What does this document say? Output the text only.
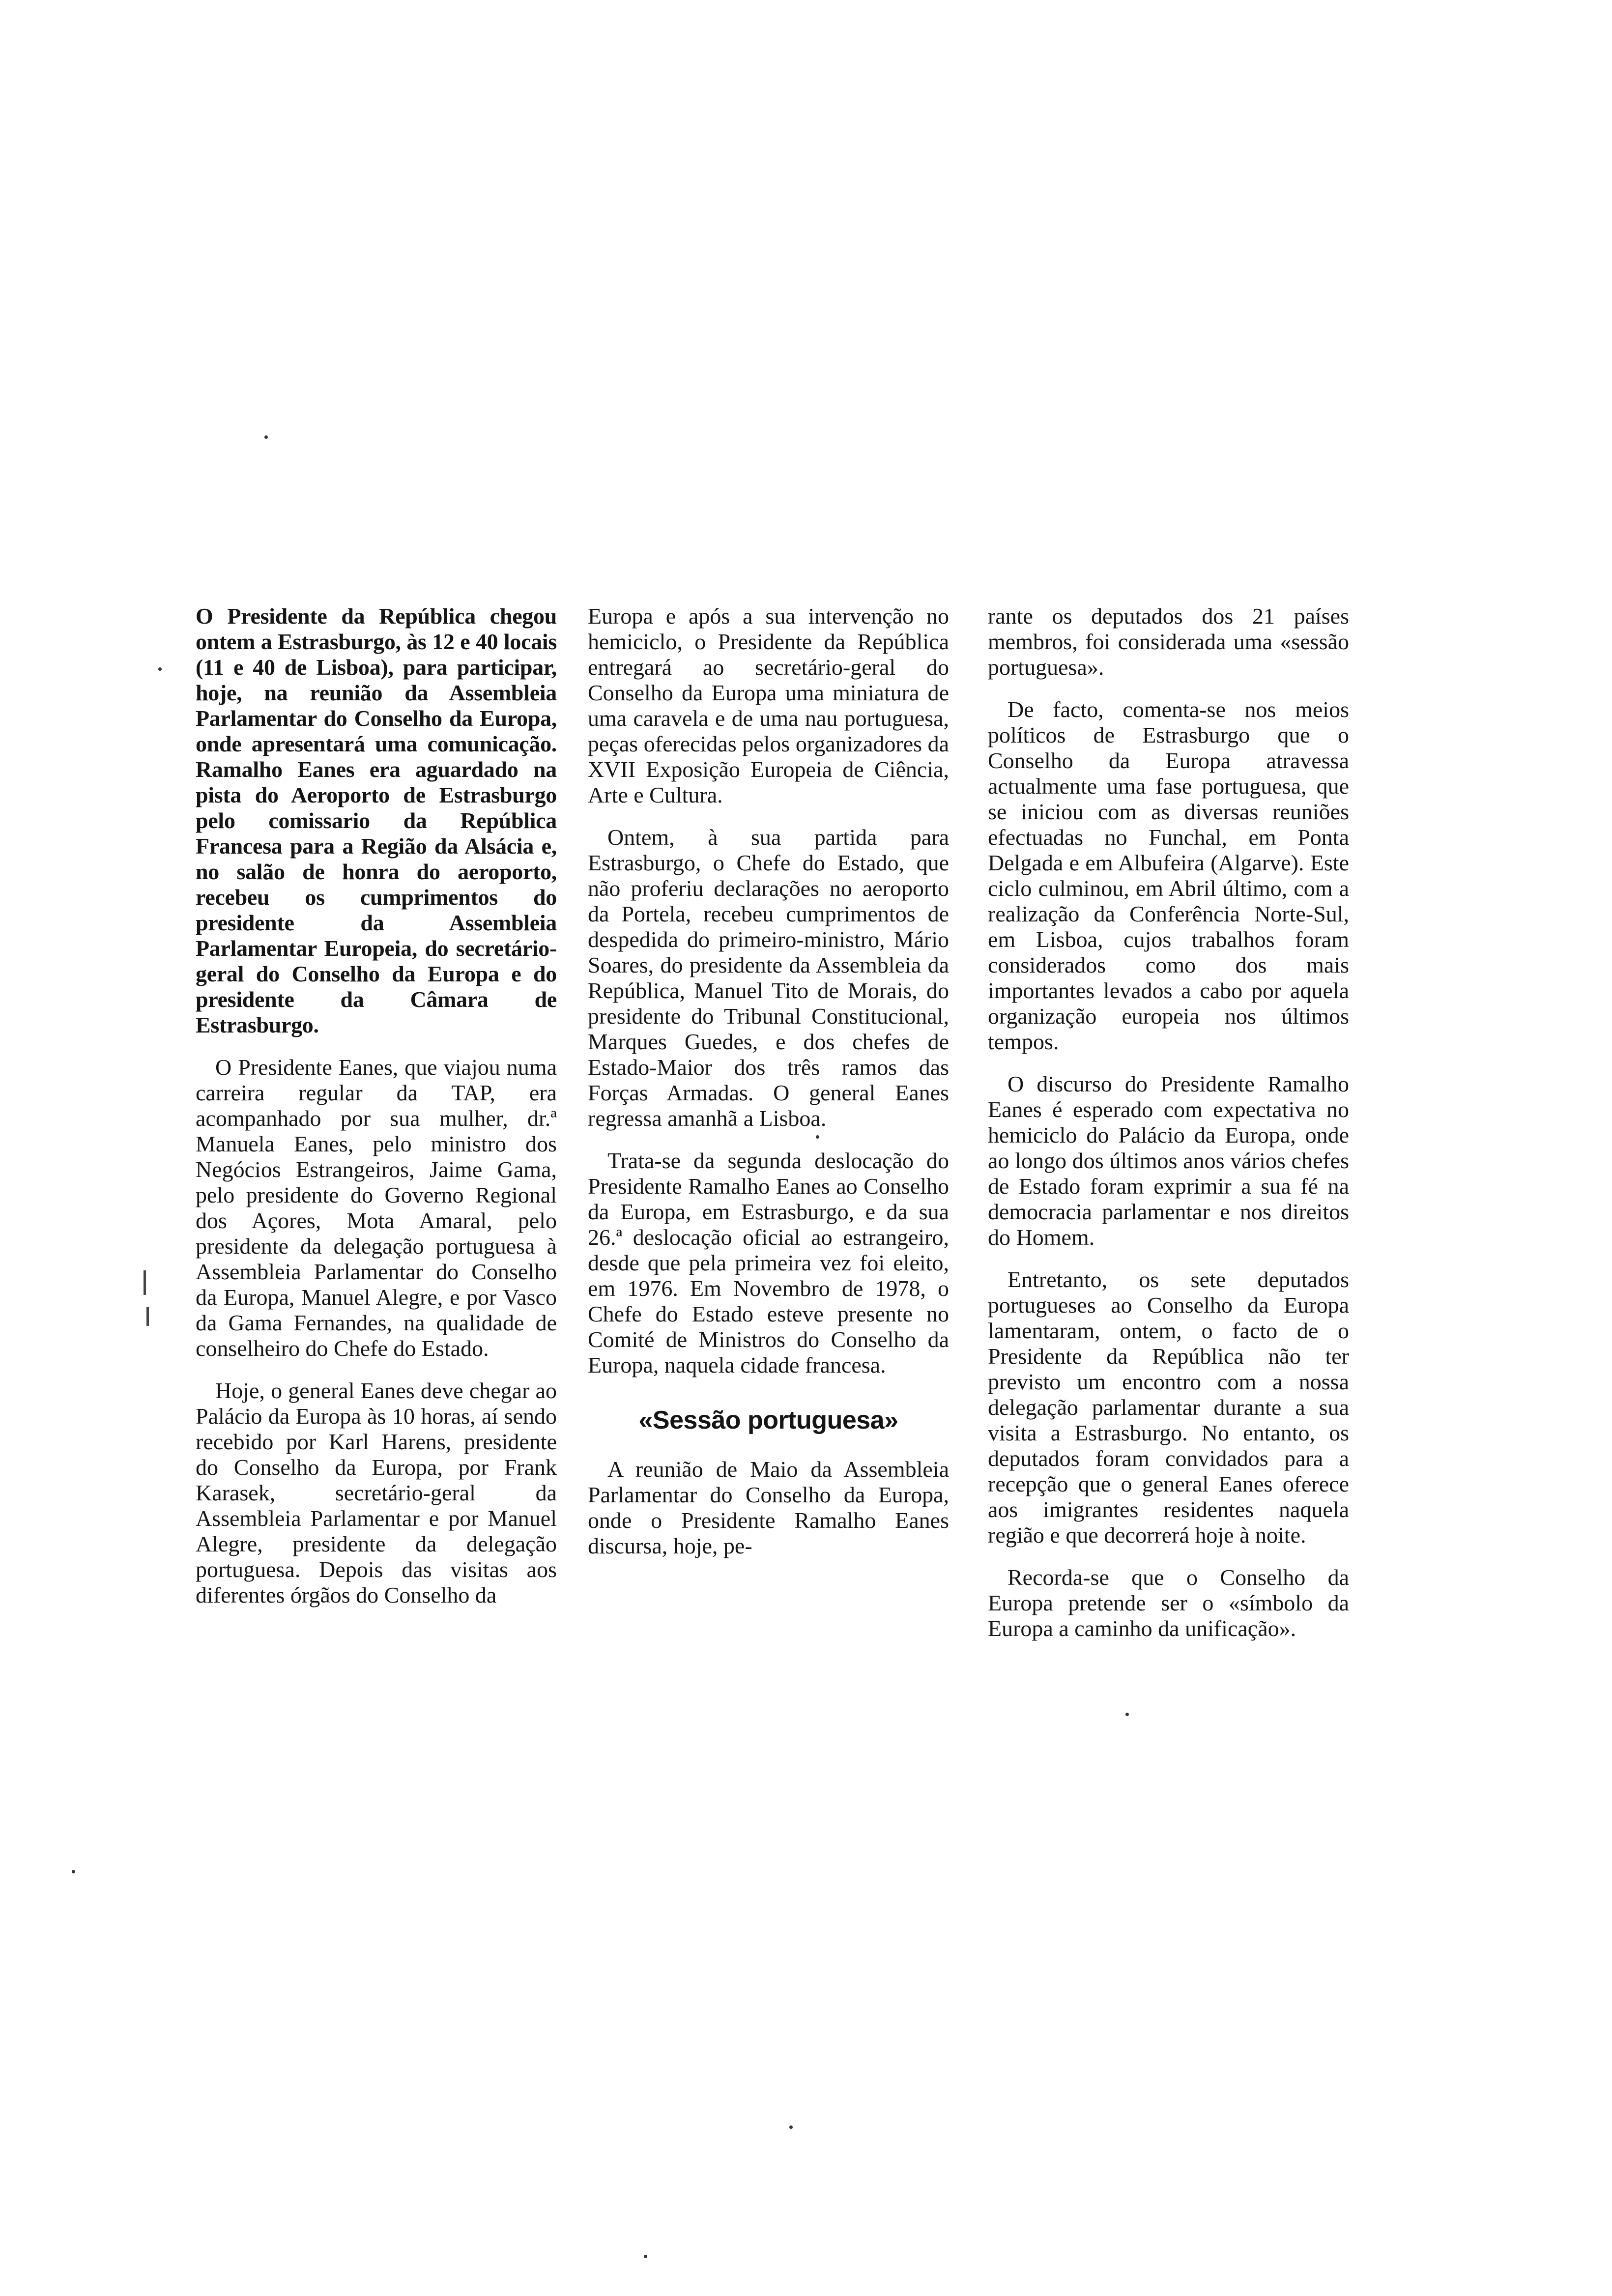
O Presidente da República chegou ontem a Estrasburgo, às 12 e 40 locais (11 e 40 de Lisboa), para participar, hoje, na reunião da Assembleia Parlamentar do Conselho da Europa, onde apresentará uma comunicação. Ramalho Eanes era aguardado na pista do Aeroporto de Estrasburgo pelo comissario da República Francesa para a Região da Alsácia e, no salão de honra do aeroporto, recebeu os cumprimentos do presidente da Assembleia Parlamentar Europeia, do secretário-geral do Conselho da Europa e do presidente da Câmara de Estrasburgo.

O Presidente Eanes, que viajou numa carreira regular da TAP, era acompanhado por sua mulher, dr.ª Manuela Eanes, pelo ministro dos Negócios Estrangeiros, Jaime Gama, pelo presidente do Governo Regional dos Açores, Mota Amaral, pelo presidente da delegação portuguesa à Assembleia Parlamentar do Conselho da Europa, Manuel Alegre, e por Vasco da Gama Fernandes, na qualidade de conselheiro do Chefe do Estado.

Hoje, o general Eanes deve chegar ao Palácio da Europa às 10 horas, aí sendo recebido por Karl Harens, presidente do Conselho da Europa, por Frank Karasek, secretário-geral da Assembleia Parlamentar e por Manuel Alegre, presidente da delegação portuguesa. Depois das visitas aos diferentes órgãos do Conselho da

Europa e após a sua intervenção no hemiciclo, o Presidente da República entregará ao secretário-geral do Conselho da Europa uma miniatura de uma caravela e de uma nau portuguesa, peças oferecidas pelos organizadores da XVII Exposição Europeia de Ciência, Arte e Cultura.

Ontem, à sua partida para Estrasburgo, o Chefe do Estado, que não proferiu declarações no aeroporto da Portela, recebeu cumprimentos de despedida do primeiro-ministro, Mário Soares, do presidente da Assembleia da República, Manuel Tito de Morais, do presidente do Tribunal Constitucional, Marques Guedes, e dos chefes de Estado-Maior dos três ramos das Forças Armadas. O general Eanes regressa amanhã a Lisboa.

Trata-se da segunda deslocação do Presidente Ramalho Eanes ao Conselho da Europa, em Estrasburgo, e da sua 26.ª deslocação oficial ao estrangeiro, desde que pela primeira vez foi eleito, em 1976. Em Novembro de 1978, o Chefe do Estado esteve presente no Comité de Ministros do Conselho da Europa, naquela cidade francesa.

«Sessão portuguesa»

A reunião de Maio da Assembleia Parlamentar do Conselho da Europa, onde o Presidente Ramalho Eanes discursa, hoje, pe-

rante os deputados dos 21 países membros, foi considerada uma «sessão portuguesa».

De facto, comenta-se nos meios políticos de Estrasburgo que o Conselho da Europa atravessa actualmente uma fase portuguesa, que se iniciou com as diversas reuniões efectuadas no Funchal, em Ponta Delgada e em Albufeira (Algarve). Este ciclo culminou, em Abril último, com a realização da Conferência Norte-Sul, em Lisboa, cujos trabalhos foram considerados como dos mais importantes levados a cabo por aquela organização europeia nos últimos tempos.

O discurso do Presidente Ramalho Eanes é esperado com expectativa no hemiciclo do Palácio da Europa, onde ao longo dos últimos anos vários chefes de Estado foram exprimir a sua fé na democracia parlamentar e nos direitos do Homem.

Entretanto, os sete deputados portugueses ao Conselho da Europa lamentaram, ontem, o facto de o Presidente da República não ter previsto um encontro com a nossa delegação parlamentar durante a sua visita a Estrasburgo. No entanto, os deputados foram convidados para a recepção que o general Eanes oferece aos imigrantes residentes naquela região e que decorrerá hoje à noite.

Recorda-se que o Conselho da Europa pretende ser o «símbolo da Europa a caminho da unificação».
